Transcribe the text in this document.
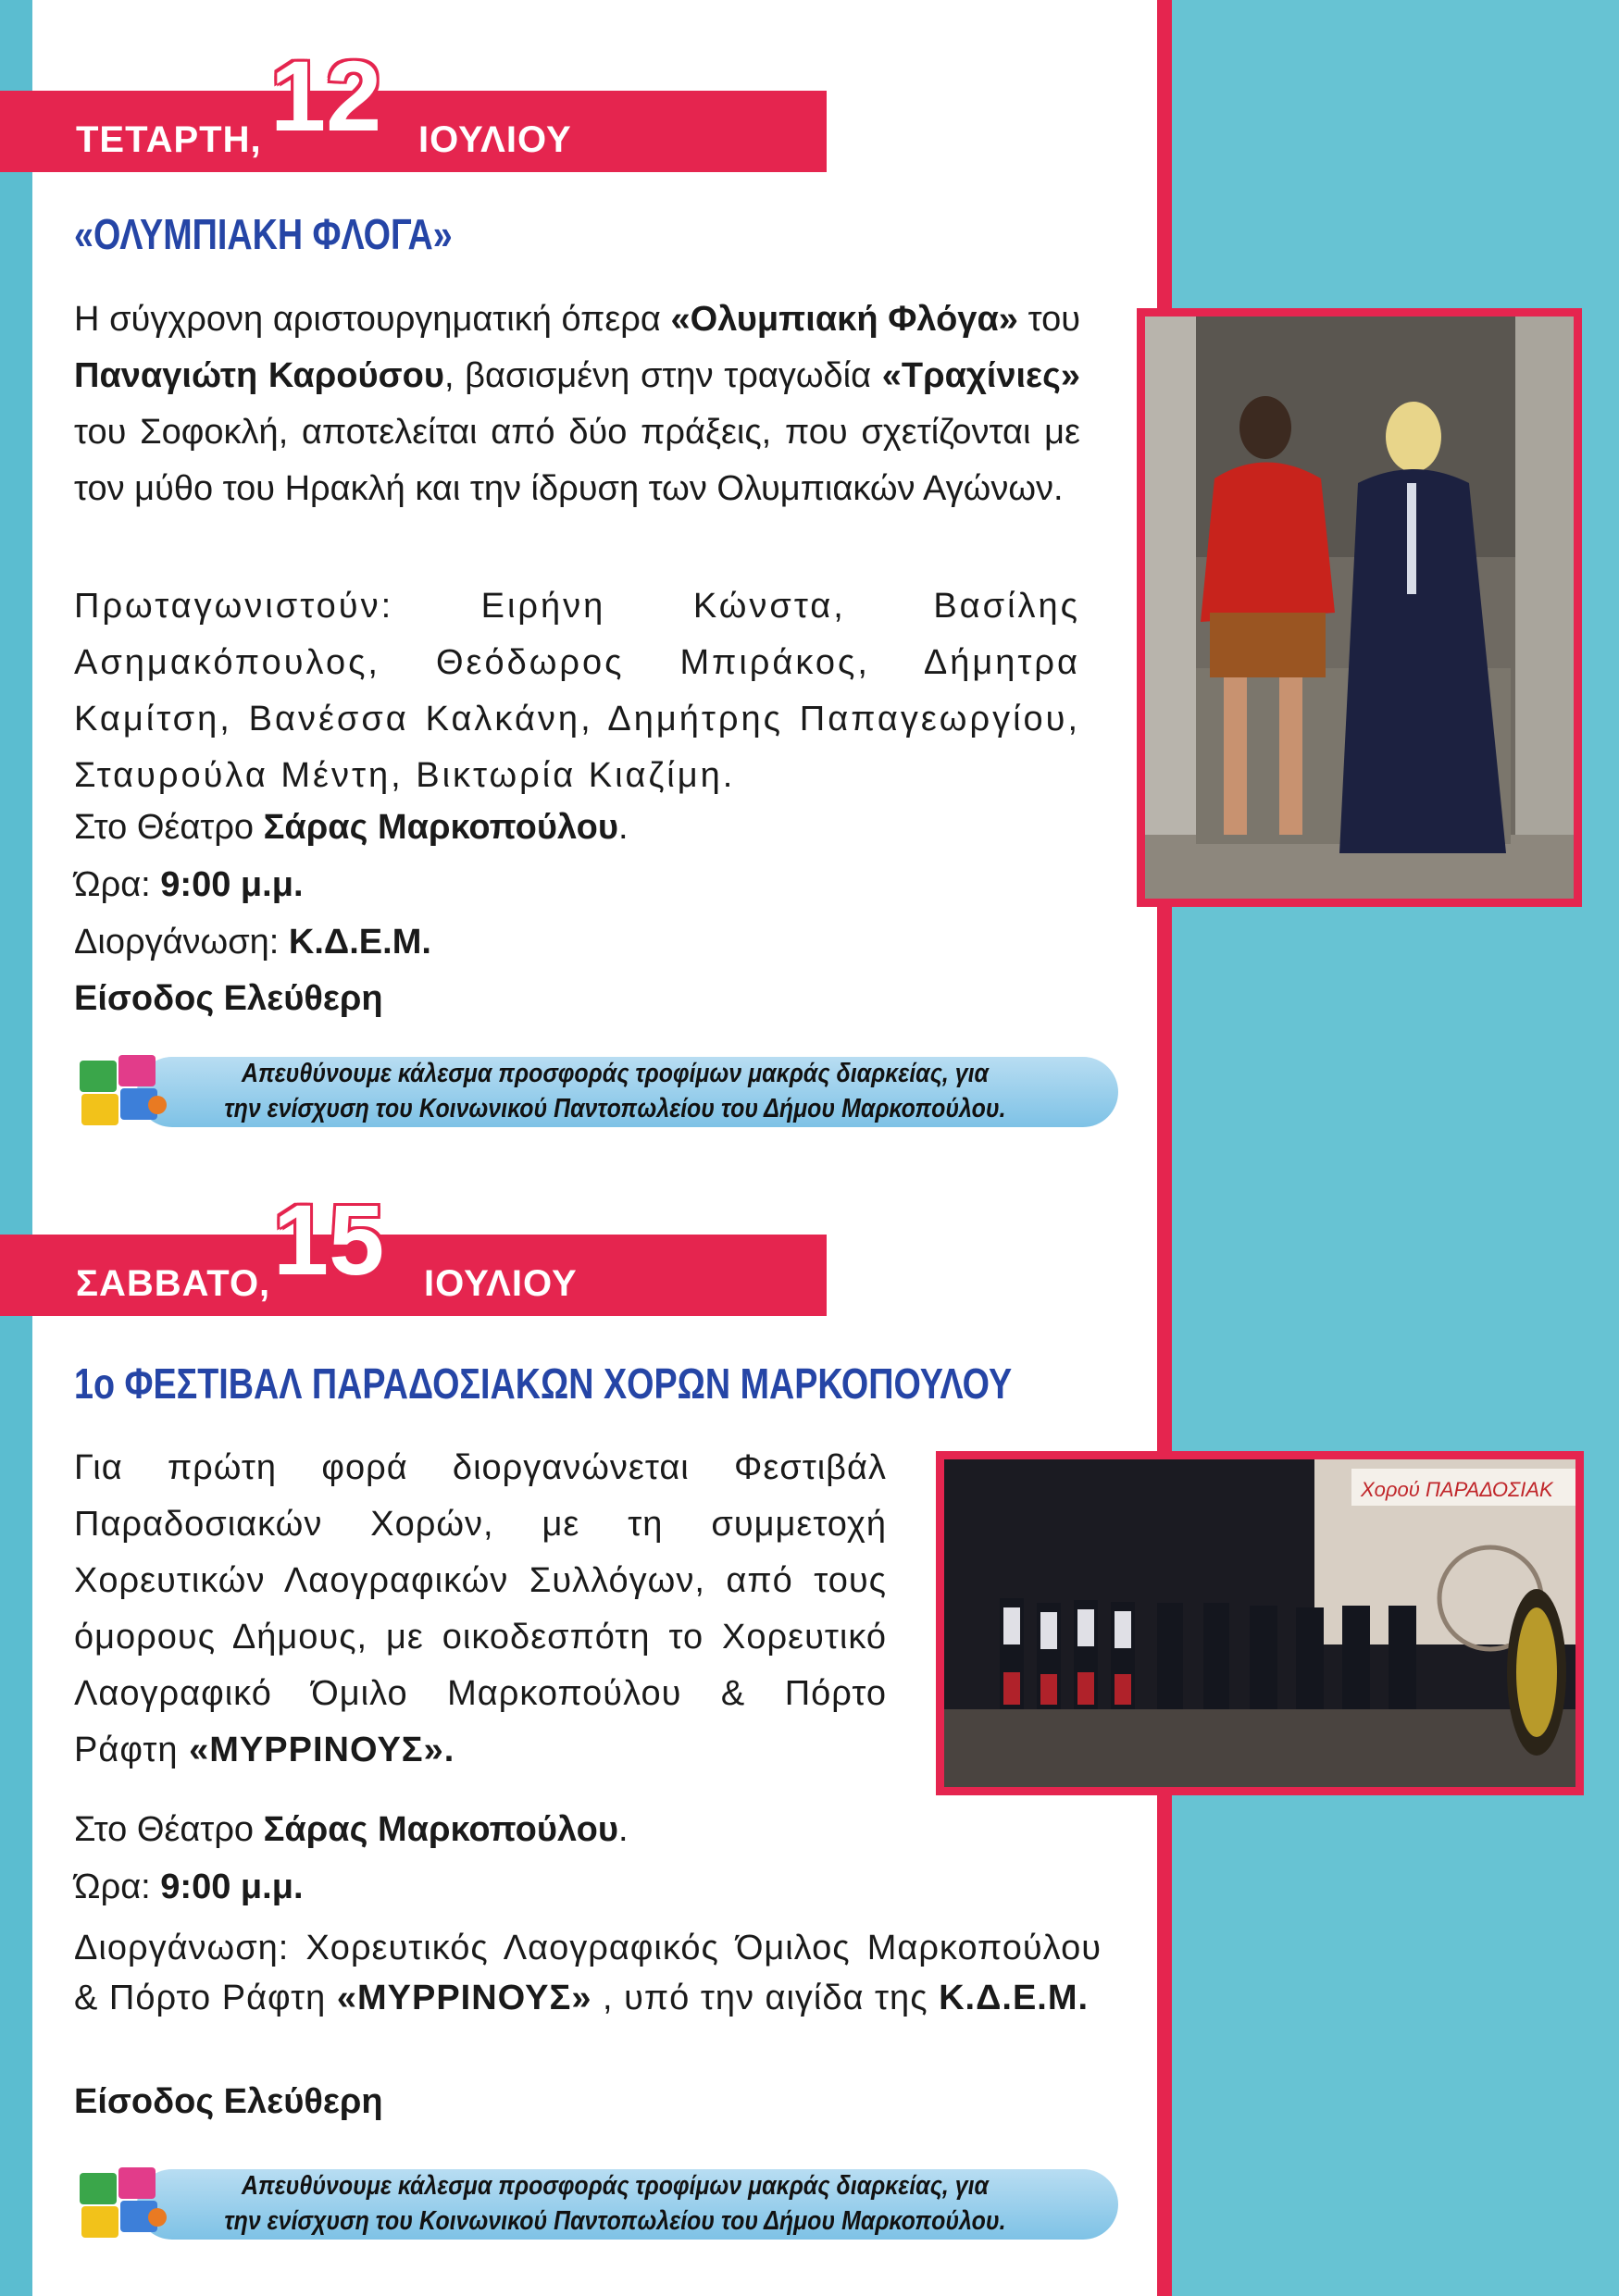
ΤΕΤΑΡΤΗ, 12 ΙΟΥΛΙΟΥ
«ΟΛΥΜΠΙΑΚΗ ΦΛΟΓΑ»
Η σύγχρονη αριστουργηματική όπερα «Ολυμπιακή Φλόγα» του Παναγιώτη Καρούσου, βασισμένη στην τραγωδία «Τραχίνιες» του Σοφοκλή, αποτελείται από δύο πράξεις, που σχετίζονται με τον μύθο του Ηρακλή και την ίδρυση των Ολυμπιακών Αγώνων.
Πρωταγωνιστούν: Ειρήνη Κώνστα, Βασίλης Ασημακόπουλος, Θεόδωρος Μπιράκος, Δήμητρα Καμίτση, Βανέσσα Καλκάνη, Δημήτρης Παπαγεωργίου, Σταυρούλα Μέντη, Βικτωρία Κιαζίμη.
Στο Θέατρο Σάρας Μαρκοπούλου.
Ώρα: 9:00 μ.μ.
Διοργάνωση: Κ.Δ.Ε.Μ.
Είσοδος Ελεύθερη
Απευθύνουμε κάλεσμα προσφοράς τροφίμων μακράς διαρκείας, για
την ενίσχυση του Κοινωνικού Παντοπωλείου του Δήμου Μαρκοπούλου.
ΣΑΒΒΑΤΟ, 15 ΙΟΥΛΙΟΥ
1ο ΦΕΣΤΙΒΑΛ ΠΑΡΑΔΟΣΙΑΚΩΝ ΧΟΡΩΝ ΜΑΡΚΟΠΟΥΛΟΥ
Για πρώτη φορά διοργανώνεται Φεστιβάλ Παραδοσιακών Χορών, με τη συμμετοχή Χορευτικών Λαογραφικών Συλλόγων, από τους όμορους Δήμους, με οικοδεσπότη το Χορευτικό Λαογραφικό Όμιλο Μαρκοπούλου & Πόρτο Ράφτη «ΜΥΡΡΙΝΟΥΣ».
Στο Θέατρο Σάρας Μαρκοπούλου.
Ώρα: 9:00 μ.μ.
Διοργάνωση: Χορευτικός Λαογραφικός Όμιλος Μαρκοπούλου & Πόρτο Ράφτη «ΜΥΡΡΙΝΟΥΣ» , υπό την αιγίδα της Κ.Δ.Ε.Μ.
Είσοδος Ελεύθερη
Χορού ΠΑΡΑΔΟΣΙΑΚ
Απευθύνουμε κάλεσμα προσφοράς τροφίμων μακράς διαρκείας, για
την ενίσχυση του Κοινωνικού Παντοπωλείου του Δήμου Μαρκοπούλου.
